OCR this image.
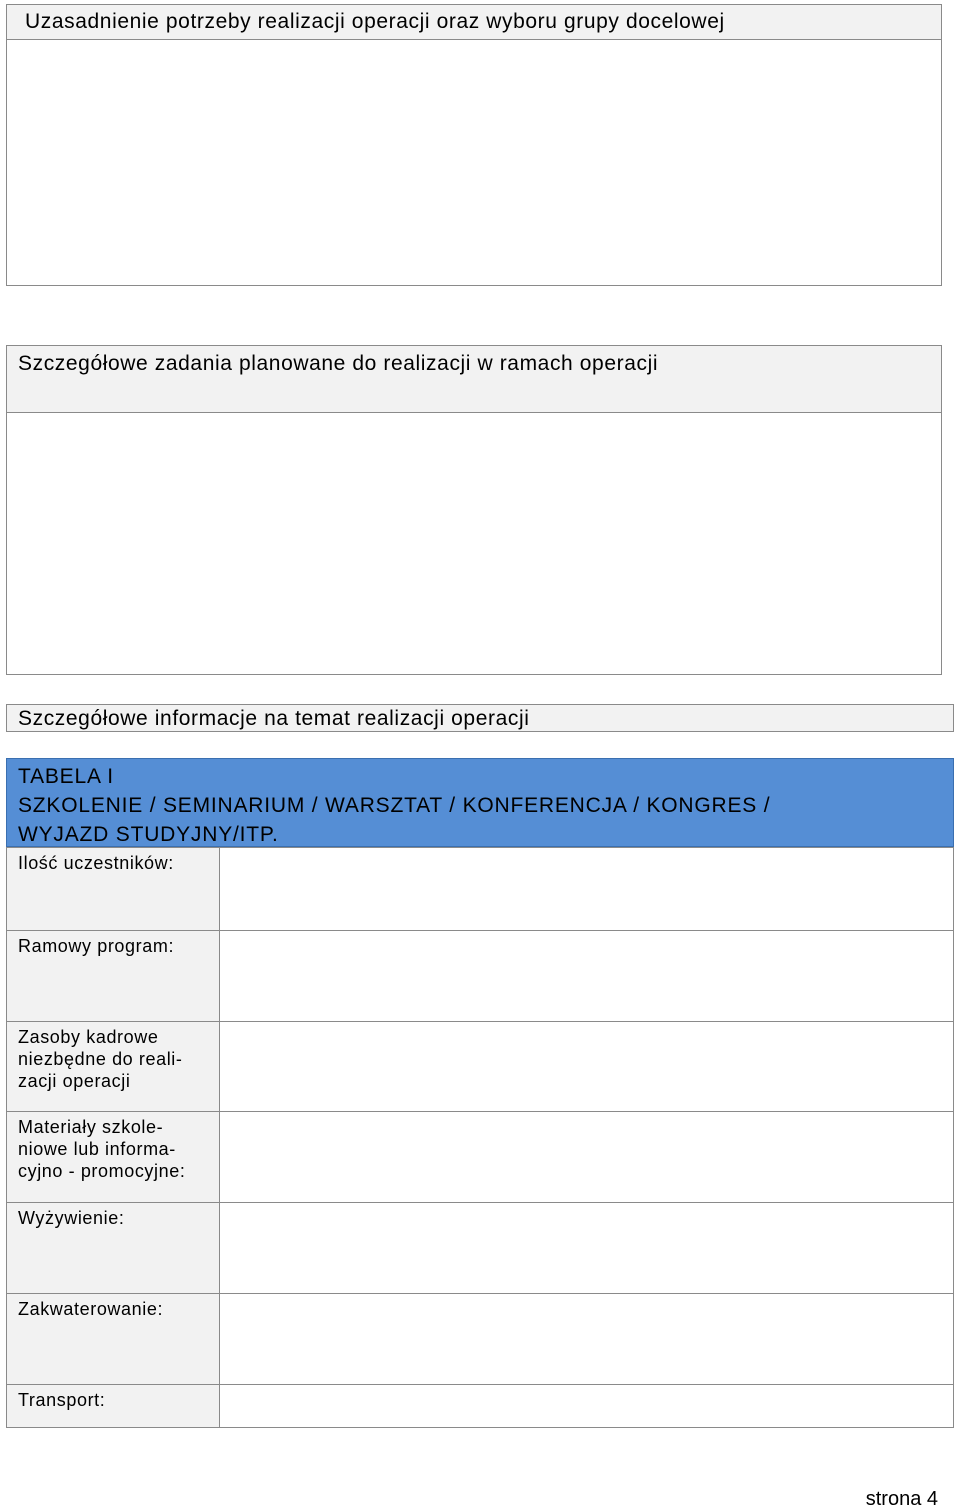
Uzasadnienie potrzeby realizacji operacji oraz wyboru grupy docelowej
Szczegółowe zadania planowane do realizacji w ramach operacji
Szczegółowe informacje na temat realizacji operacji
TABELA I
SZKOLENIE / SEMINARIUM / WARSZTAT / KONFERENCJA / KONGRES /
WYJAZD STUDYJNY/ITP.
Ilość uczestników:
Ramowy program:
Zasoby kadrowe
niezbędne do reali-
zacji operacji
Materiały szkole-
niowe lub informa-
cyjno - promocyjne:
Wyżywienie:
Zakwaterowanie:
Transport:
strona 4
